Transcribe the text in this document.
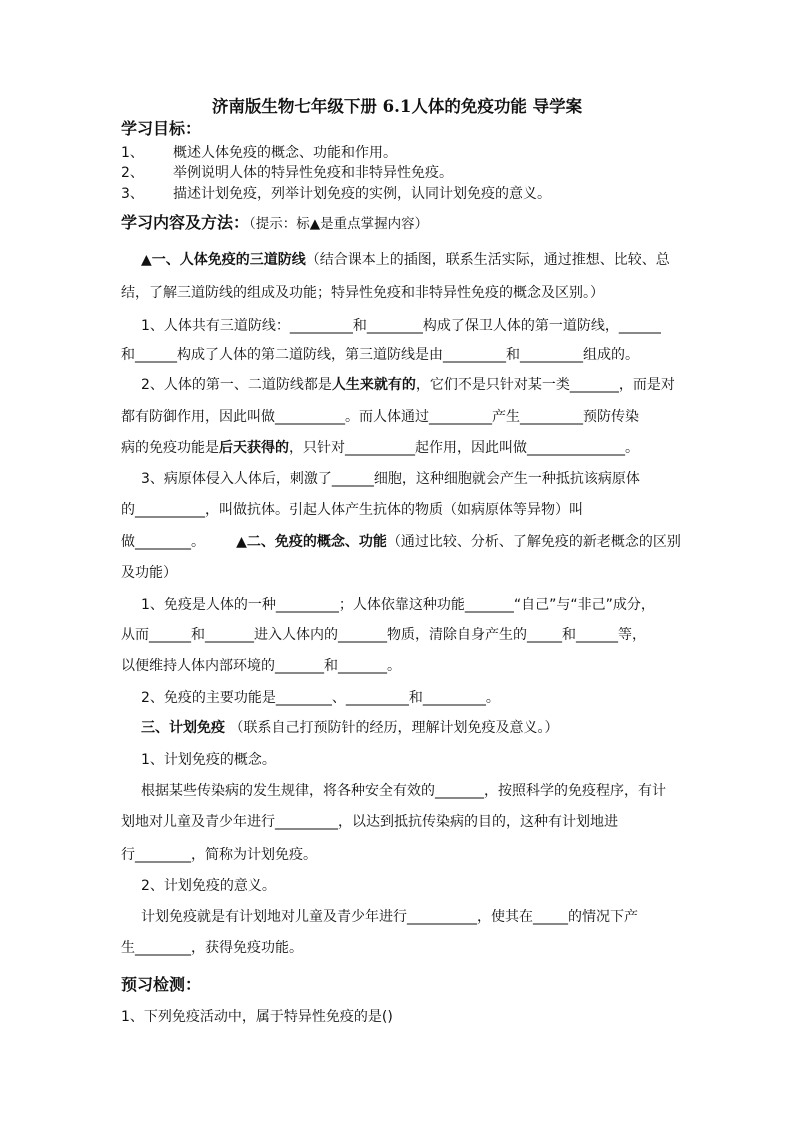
济南版生物七年级下册 6.1人体的免疫功能 导学案
学习目标：
1、 概述人体免疫的概念、功能和作用。
2、 举例说明人体的特异性免疫和非特异性免疫。
3、 描述计划免疫，列举计划免疫的实例，认同计划免疫的意义。
学习内容及方法：（提示：标▲是重点掌握内容）
▲一、人体免疫的三道防线（结合课本上的插图，联系生活实际，通过推想、比较、总
结，了解三道防线的组成及功能；特异性免疫和非特异性免疫的概念及区别。）
1、人体共有三道防线：_________和________构成了保卫人体的第一道防线，______
和______构成了人体的第二道防线，第三道防线是由_________和_________组成的。
2、人体的第一、二道防线都是人生来就有的，它们不是只针对某一类_______，而是对
都有防御作用，因此叫做__________。而人体通过_________产生_________预防传染
病的免疫功能是后天获得的，只针对__________起作用，因此叫做______________。
3、病原体侵入人体后，刺激了______细胞，这种细胞就会产生一种抵抗该病原体
的__________，叫做抗体。引起人体产生抗体的物质（如病原体等异物）叫
做________。 ▲二、免疫的概念、功能（通过比较、分析、了解免疫的新老概念的区别
及功能）
1、免疫是人体的一种_________；人体依靠这种功能_______“自己”与“非己”成分，
从而______和_______进入人体内的_______物质，清除自身产生的_____和______等，
以便维持人体内部环境的_______和_______。
2、免疫的主要功能是________、_________和_________。
三、计划免疫 （联系自己打预防针的经历，理解计划免疫及意义。）
1、计划免疫的概念。
根据某些传染病的发生规律，将各种安全有效的_______，按照科学的免疫程序，有计
划地对儿童及青少年进行_________，以达到抵抗传染病的目的，这种有计划地进
行________，简称为计划免疫。
2、计划免疫的意义。
计划免疫就是有计划地对儿童及青少年进行__________，使其在_____的情况下产
生________，获得免疫功能。
预习检测：
1、下列免疫活动中，属于特异性免疫的是()
